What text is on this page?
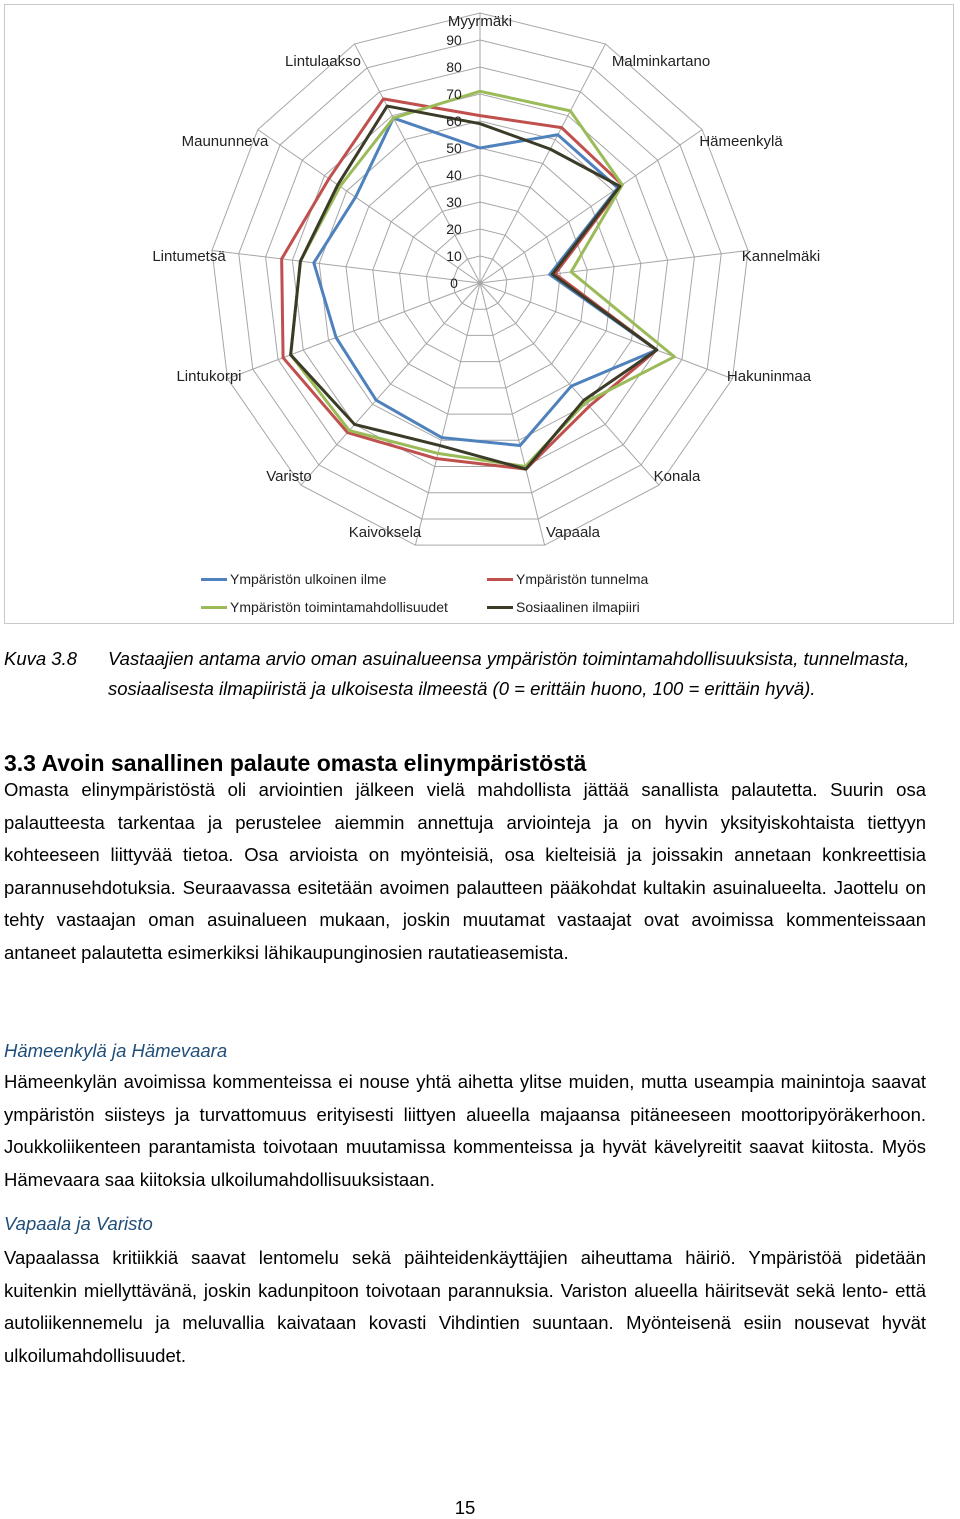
0
10
20
30
40
50
60
70
80
90
Myyrmäki
Malminkartano
Hämeenkylä
Kannelmäki
Hakuninmaa
Konala
Vapaala
Kaivoksela
Varisto
Lintukorpi
Lintumetsä
Maununneva
Lintulaakso
Ympäristön ulkoinen ilme	Ympäristön tunnelma
Ympäristön toimintamahdollisuudet	Sosiaalinen ilmapiiri
Kuva 3.8 Vastaajien antama arvio oman asuinalueensa ympäristön toimintamahdollisuuksista, tunnelmasta, sosiaalisesta ilmapiiristä ja ulkoisesta ilmeestä (0 = erittäin huono, 100 = erittäin hyvä).
3.3 Avoin sanallinen palaute omasta elinympäristöstä
Omasta elinympäristöstä oli arviointien jälkeen vielä mahdollista jättää sanallista palautetta. Suurin osa palautteesta tarkentaa ja perustelee aiemmin annettuja arviointeja ja on hyvin yksityiskohtaista tiettyyn kohteeseen liittyvää tietoa. Osa arvioista on myönteisiä, osa kielteisiä ja joissakin annetaan konkreettisia parannusehdotuksia. Seuraavassa esitetään avoimen palautteen pääkohdat kultakin asuinalueelta. Jaottelu on tehty vastaajan oman asuinalueen mukaan, joskin muutamat vastaajat ovat avoimissa kommenteissaan antaneet palautetta esimerkiksi lähikaupunginosien rautatieasemista.
Hämeenkylä ja Hämevaara
Hämeenkylän avoimissa kommenteissa ei nouse yhtä aihetta ylitse muiden, mutta useampia mainintoja saavat ympäristön siisteys ja turvattomuus erityisesti liittyen alueella majaansa pitäneeseen moottoripyöräkerhoon. Joukkoliikenteen parantamista toivotaan muutamissa kommenteissa ja hyvät kävelyreitit saavat kiitosta. Myös Hämevaara saa kiitoksia ulkoilumahdollisuuksistaan.
Vapaala ja Varisto
Vapaalassa kritiikkiä saavat lentomelu sekä päihteidenkäyttäjien aiheuttama häiriö. Ympäristöä pidetään kuitenkin miellyttävänä, joskin kadunpitoon toivotaan parannuksia. Variston alueella häiritsevät sekä lento- että autoliikennemelu ja meluvallia kaivataan kovasti Vihdintien suuntaan. Myönteisenä esiin nousevat hyvät ulkoilumahdollisuudet.
15
